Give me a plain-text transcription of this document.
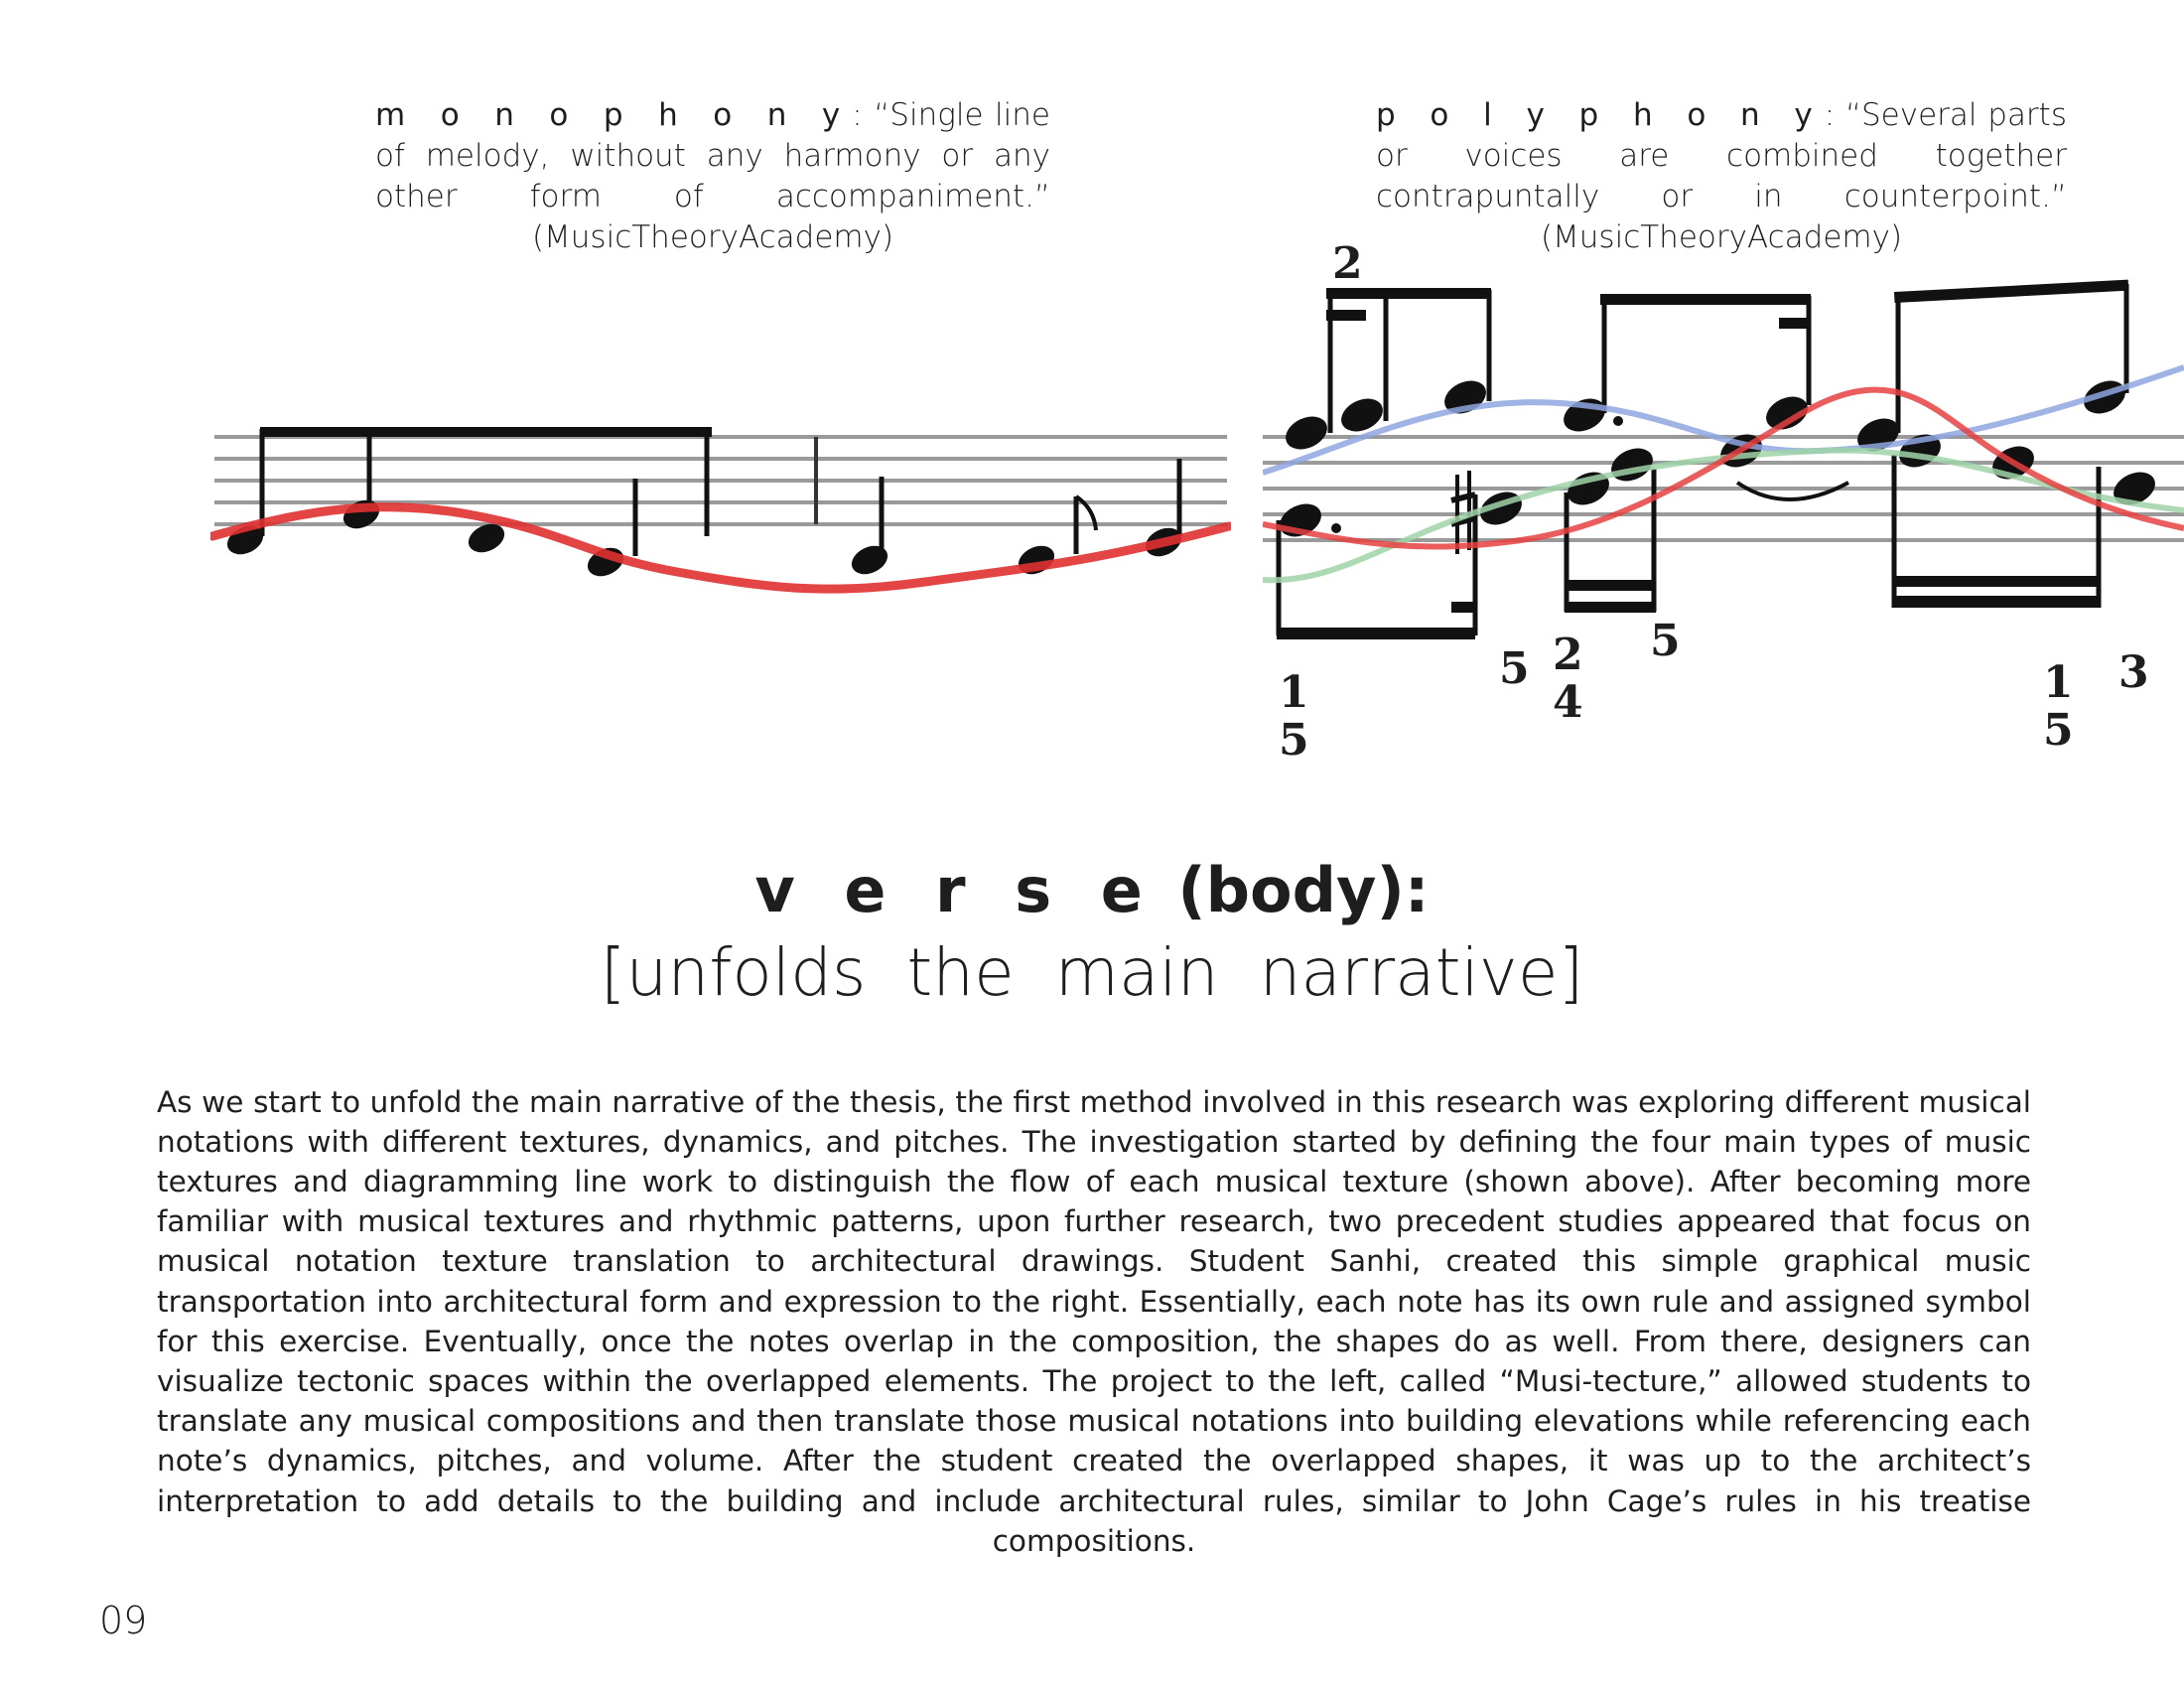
m o n o p h o n y: “Single line of melody, without any harmony or any other form of accompaniment.” (MusicTheoryAcademy)
p o l y p h o n y: “Several parts or voices are combined together contrapuntally or in counterpoint.” (MusicTheoryAcademy)
2
1
5
5 2
4
5
1
5
3
v e r s e (body):
[unfolds the main narrative]

As we start to unfold the main narrative of the thesis, the first method involved in this research was exploring different musical notations with different textures, dynamics, and pitches. The investigation started by defining the four main types of music textures and diagramming line work to distinguish the flow of each musical texture (shown above). After becoming more familiar with musical textures and rhythmic patterns, upon further research, two precedent studies appeared that focus on musical notation texture translation to architectural drawings. Student Sanhi, created this simple graphical music transportation into architectural form and expression to the right. Essentially, each note has its own rule and assigned symbol for this exercise. Eventually, once the notes overlap in the composition, the shapes do as well. From there, designers can visualize tectonic spaces within the overlapped elements. The project to the left, called “Musi-tecture,” allowed students to translate any musical compositions and then translate those musical notations into building elevations while referencing each note’s dynamics, pitches, and volume. After the student created the overlapped shapes, it was up to the architect’s interpretation to add details to the building and include architectural rules, similar to John Cage’s rules in his treatise compositions.

09
